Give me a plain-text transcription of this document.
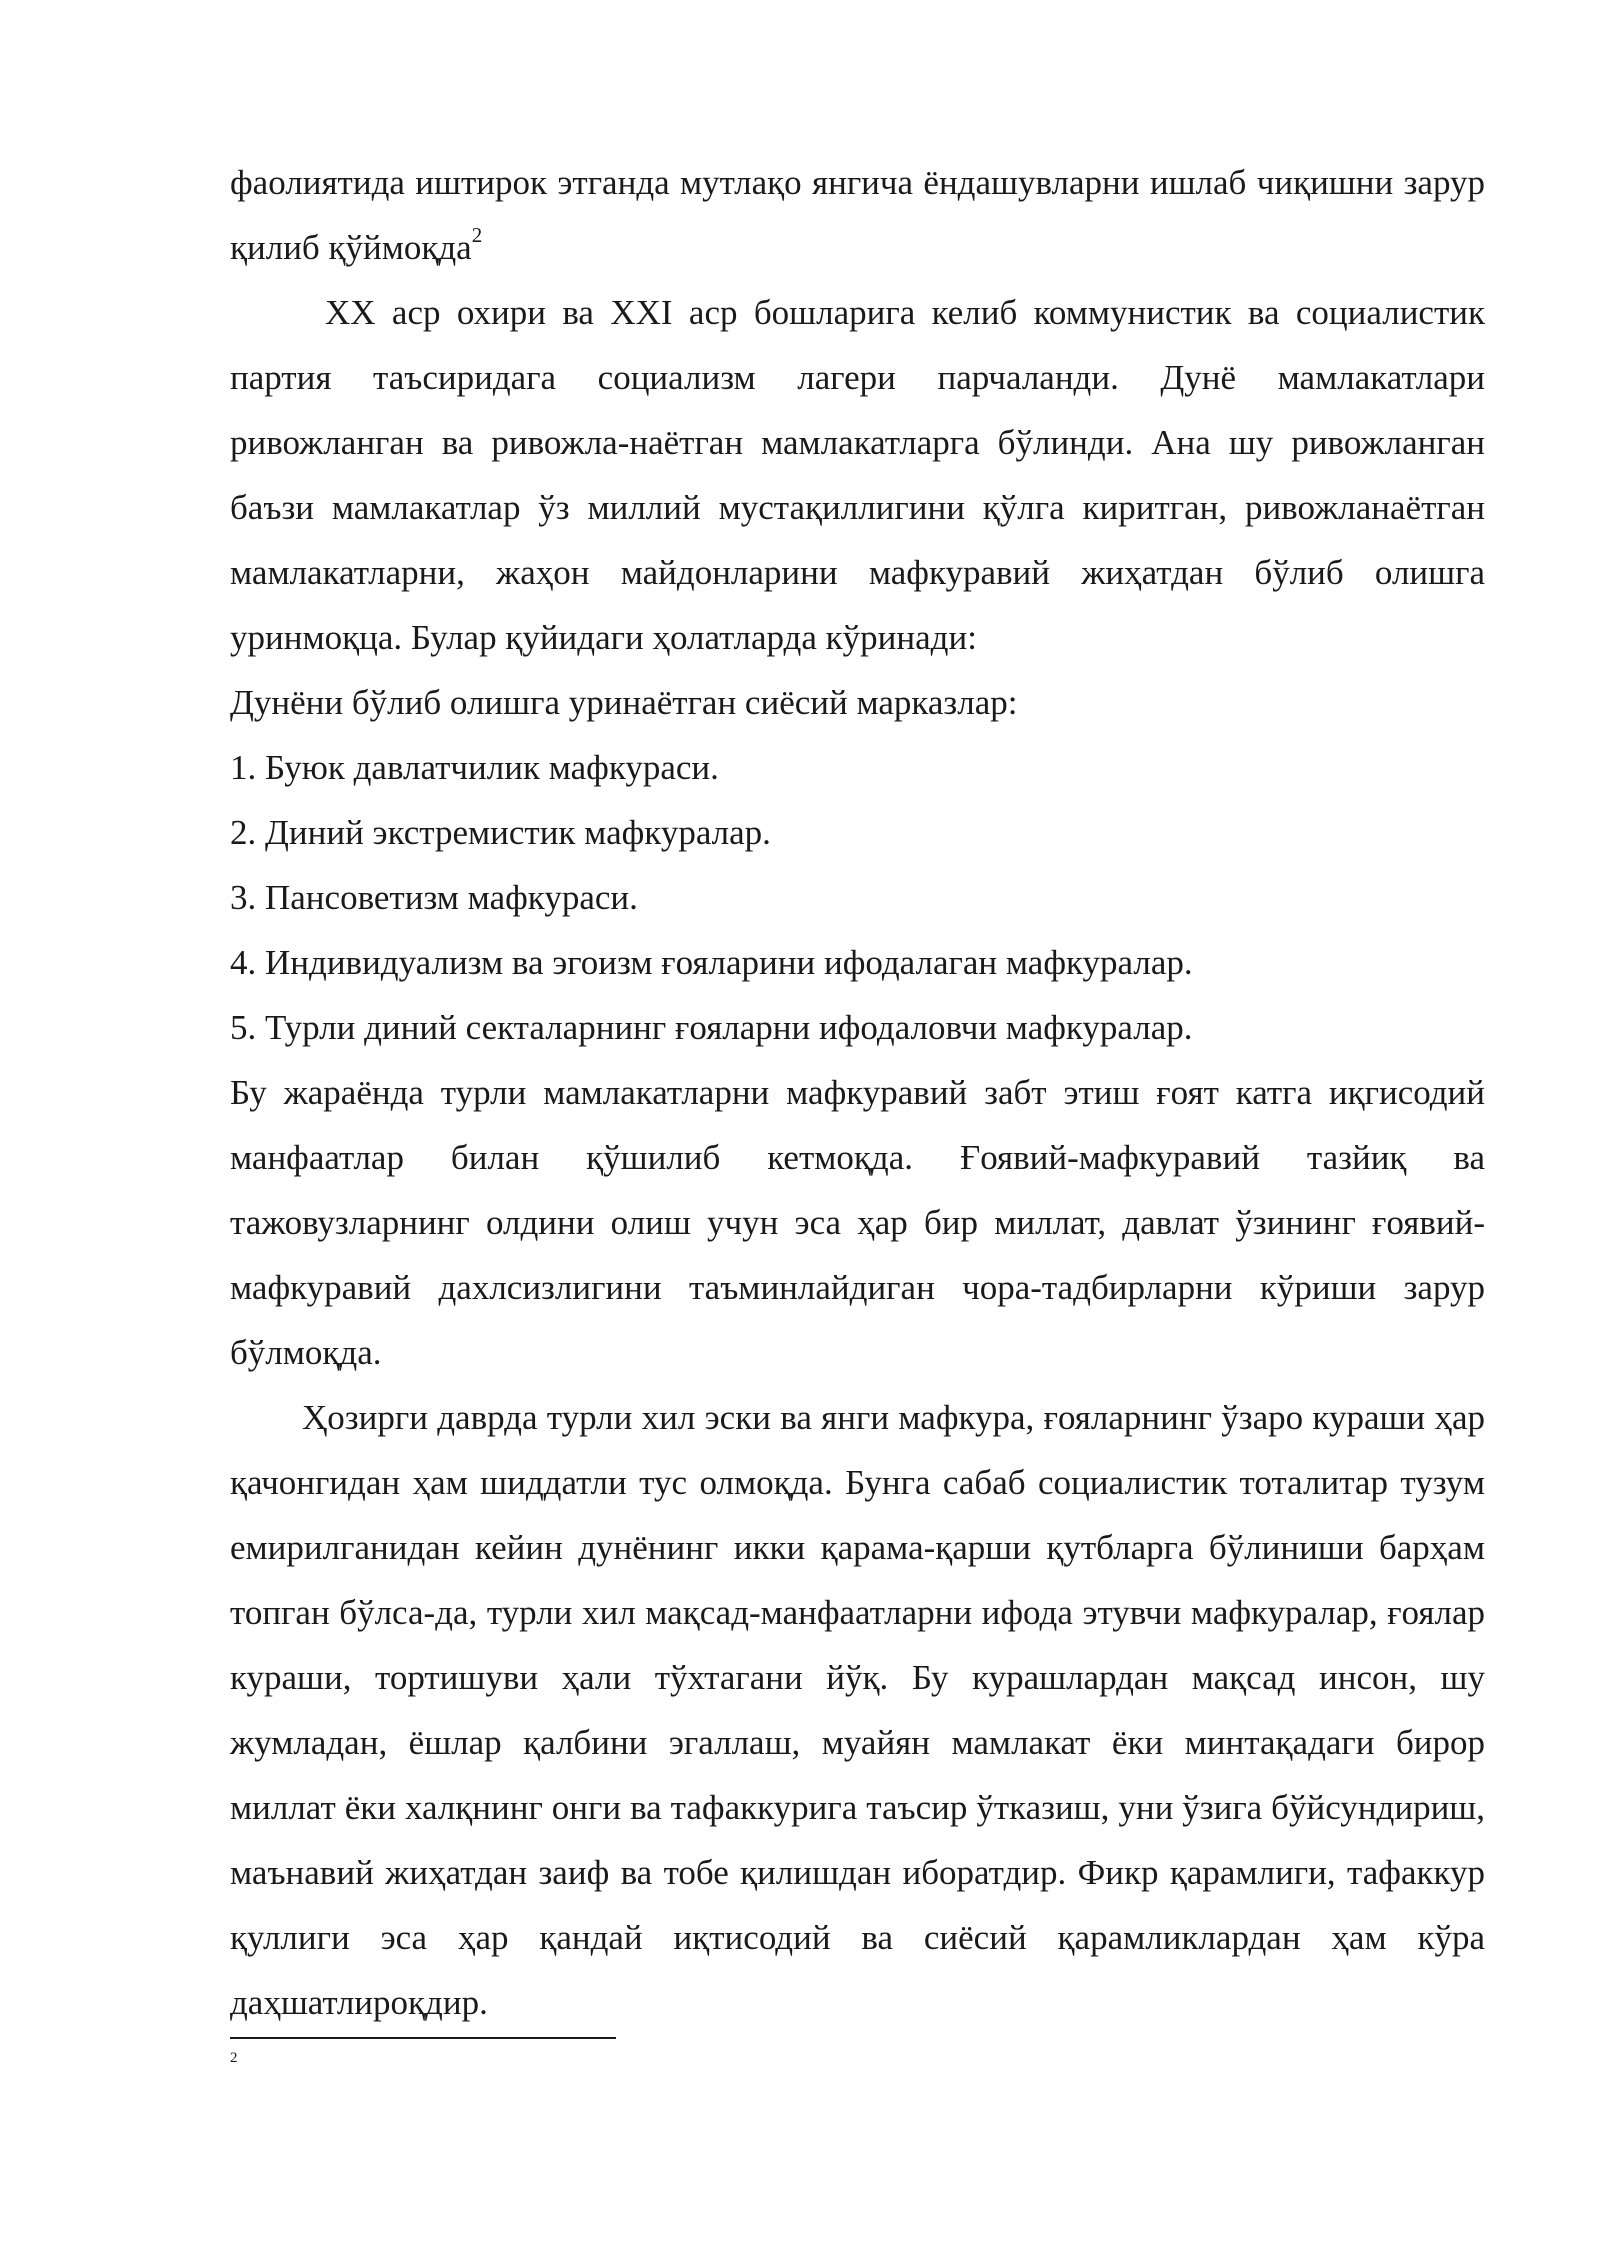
фаолиятида иштирок этганда мутлақо янгича ёндашувларни ишлаб чиқишни зарур қилиб қўймоқда$^2$

XX аср охири ва XXI аср бошларига келиб коммунистик ва социалистик партия таъсиридага социализм лагери парчаланди. Дунё мамлакатлари ривожланган ва ривожла-наётган мамлакатларга бўлинди. Ана шу ривожланган баъзи мамлакатлар ўз миллий мустақиллигини қўлга киритган, ривожланаётган мамлакатларни, жаҳон майдонларини мафкуравий жиҳатдан бўлиб олишга уринмоқца. Булар қуйидаги ҳолатларда кўринади:

Дунёни бўлиб олишга уринаётган сиёсий марказлар:

1. Буюк давлатчилик мафкураси.

2. Диний экстремистик мафкуралар.

3. Пансоветизм мафкураси.

4. Индивидуализм ва эгоизм ғояларини ифодалаган мафкуралар.

5. Турли диний секталарнинг ғояларни ифодаловчи мафкуралар.

Бу жараёнда турли мамлакатларни мафкуравий забт этиш ғоят катга иқгисодий манфаатлар билан қўшилиб кетмоқда. Ғоявий-мафкуравий тазйиқ ва тажовузларнинг олдини олиш учун эса ҳар бир миллат, давлат ўзининг ғоявий-мафкуравий дахлсизлигини таъминлайдиган чора-тадбирларни кўриши зарур бўлмоқда.

Ҳозирги даврда турли хил эски ва янги мафкура, ғояларнинг ўзаро кураши ҳар қачонгидан ҳам шиддатли тус олмоқда. Бунга сабаб социалистик тоталитар тузум емирилганидан кейин дунёнинг икки қарама-қарши қутбларга бўлиниши барҳам топган бўлса-да, турли хил мақсад-манфаатларни ифода этувчи мафкуралар, ғоялар кураши, тортишуви ҳали тўхтагани йўқ. Бу курашлардан мақсад инсон, шу жумладан, ёшлар қалбини эгаллаш, муайян мамлакат ёки минтақадаги бирор миллат ёки халқнинг онги ва тафаккурига таъсир ўтказиш, уни ўзига бўйсундириш, маънавий жиҳатдан заиф ва тобе қилишдан иборатдир. Фикр қарамлиги, тафаккур қуллиги эса ҳар қандай иқтисодий ва сиёсий қарамликлардан ҳам кўра даҳшатлироқдир.

2
